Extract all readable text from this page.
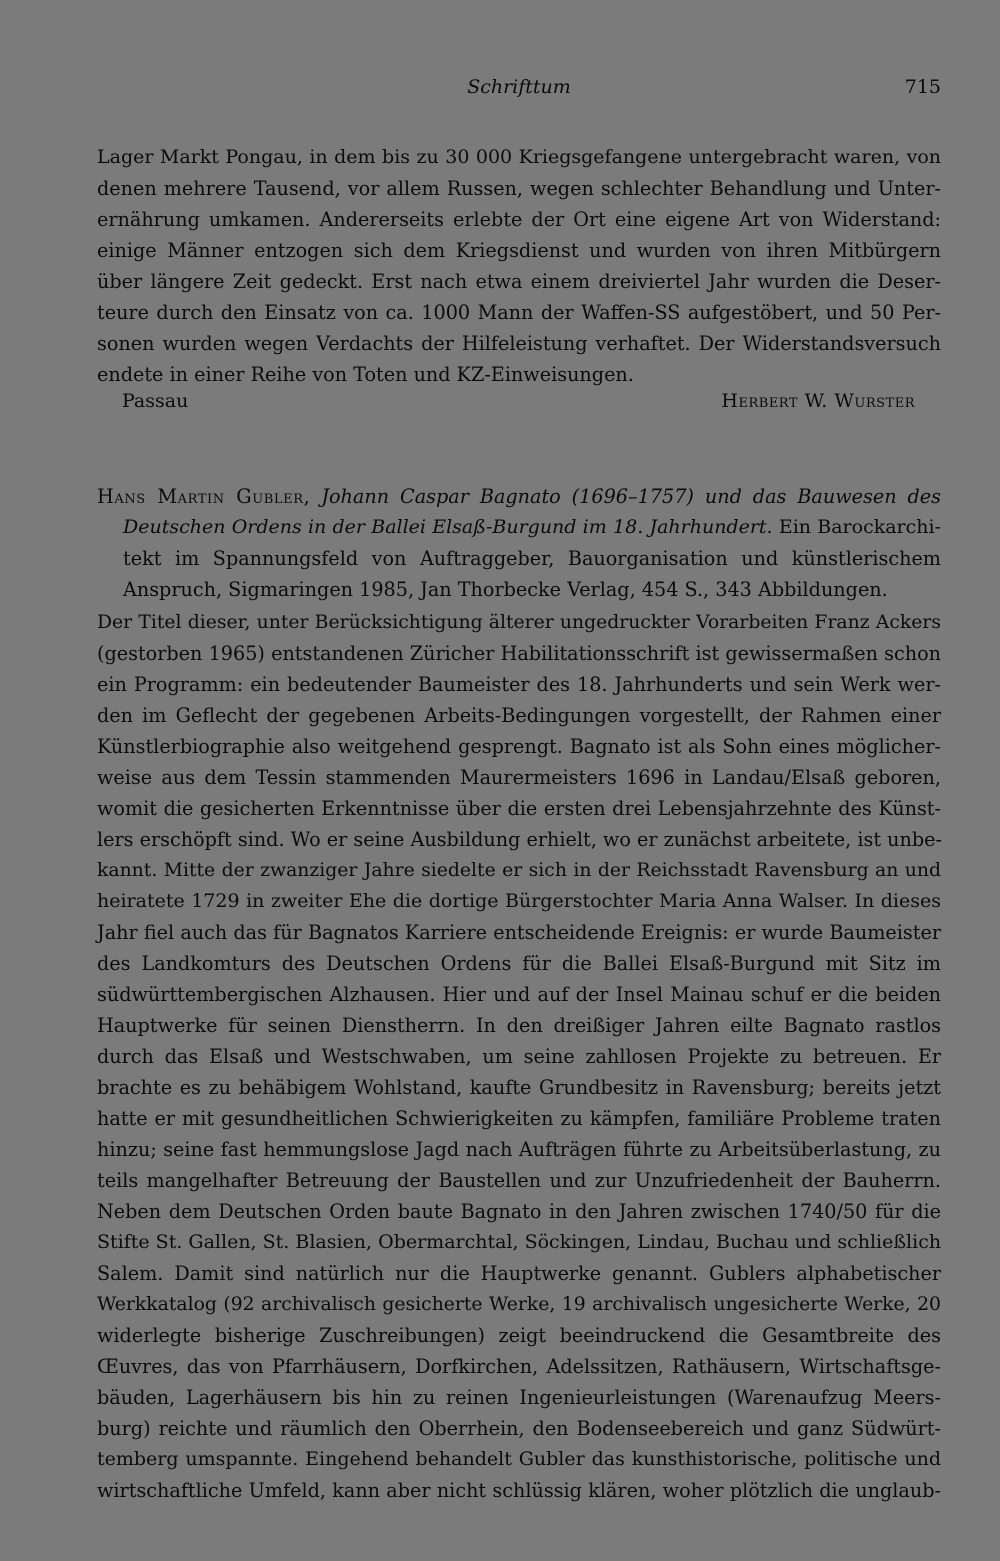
Schrifttum	715
Lager Markt Pongau, in dem bis zu 30 000 Kriegsgefangene untergebracht waren, von
denen mehrere Tausend, vor allem Russen, wegen schlechter Behandlung und Unter-
ernährung umkamen. Andererseits erlebte der Ort eine eigene Art von Widerstand:
einige Männer entzogen sich dem Kriegsdienst und wurden von ihren Mitbürgern
über längere Zeit gedeckt. Erst nach etwa einem dreiviertel Jahr wurden die Deser-
teure durch den Einsatz von ca. 1000 Mann der Waffen-SS aufgestöbert, und 50 Per-
sonen wurden wegen Verdachts der Hilfeleistung verhaftet. Der Widerstandsversuch
endete in einer Reihe von Toten und KZ-Einweisungen.
Passau	Herbert W. Wurster
Hans Martin Gubler, Johann Caspar Bagnato (1696–1757) und das Bauwesen des
Deutschen Ordens in der Ballei Elsaß-Burgund im 18. Jahrhundert. Ein Barockarchi-
tekt im Spannungsfeld von Auftraggeber, Bauorganisation und künstlerischem
Anspruch, Sigmaringen 1985, Jan Thorbecke Verlag, 454 S., 343 Abbildungen.
Der Titel dieser, unter Berücksichtigung älterer ungedruckter Vorarbeiten Franz Ackers
(gestorben 1965) entstandenen Züricher Habilitationsschrift ist gewissermaßen schon
ein Programm: ein bedeutender Baumeister des 18. Jahrhunderts und sein Werk wer-
den im Geflecht der gegebenen Arbeits-Bedingungen vorgestellt, der Rahmen einer
Künstlerbiographie also weitgehend gesprengt. Bagnato ist als Sohn eines möglicher-
weise aus dem Tessin stammenden Maurermeisters 1696 in Landau/Elsaß geboren,
womit die gesicherten Erkenntnisse über die ersten drei Lebensjahrzehnte des Künst-
lers erschöpft sind. Wo er seine Ausbildung erhielt, wo er zunächst arbeitete, ist unbe-
kannt. Mitte der zwanziger Jahre siedelte er sich in der Reichsstadt Ravensburg an und
heiratete 1729 in zweiter Ehe die dortige Bürgerstochter Maria Anna Walser. In dieses
Jahr fiel auch das für Bagnatos Karriere entscheidende Ereignis: er wurde Baumeister
des Landkomturs des Deutschen Ordens für die Ballei Elsaß-Burgund mit Sitz im
südwürttembergischen Alzhausen. Hier und auf der Insel Mainau schuf er die beiden
Hauptwerke für seinen Dienstherrn. In den dreißiger Jahren eilte Bagnato rastlos
durch das Elsaß und Westschwaben, um seine zahllosen Projekte zu betreuen. Er
brachte es zu behäbigem Wohlstand, kaufte Grundbesitz in Ravensburg; bereits jetzt
hatte er mit gesundheitlichen Schwierigkeiten zu kämpfen, familiäre Probleme traten
hinzu; seine fast hemmungslose Jagd nach Aufträgen führte zu Arbeitsüberlastung, zu
teils mangelhafter Betreuung der Baustellen und zur Unzufriedenheit der Bauherrn.
Neben dem Deutschen Orden baute Bagnato in den Jahren zwischen 1740/50 für die
Stifte St. Gallen, St. Blasien, Obermarchtal, Söckingen, Lindau, Buchau und schließlich
Salem. Damit sind natürlich nur die Hauptwerke genannt. Gublers alphabetischer
Werkkatalog (92 archivalisch gesicherte Werke, 19 archivalisch ungesicherte Werke, 20
widerlegte bisherige Zuschreibungen) zeigt beeindruckend die Gesamtbreite des
Œuvres, das von Pfarrhäusern, Dorfkirchen, Adelssitzen, Rathäusern, Wirtschaftsge-
bäuden, Lagerhäusern bis hin zu reinen Ingenieurleistungen (Warenaufzug Meers-
burg) reichte und räumlich den Oberrhein, den Bodenseebereich und ganz Südwürt-
temberg umspannte. Eingehend behandelt Gubler das kunsthistorische, politische und
wirtschaftliche Umfeld, kann aber nicht schlüssig klären, woher plötzlich die unglaub-
